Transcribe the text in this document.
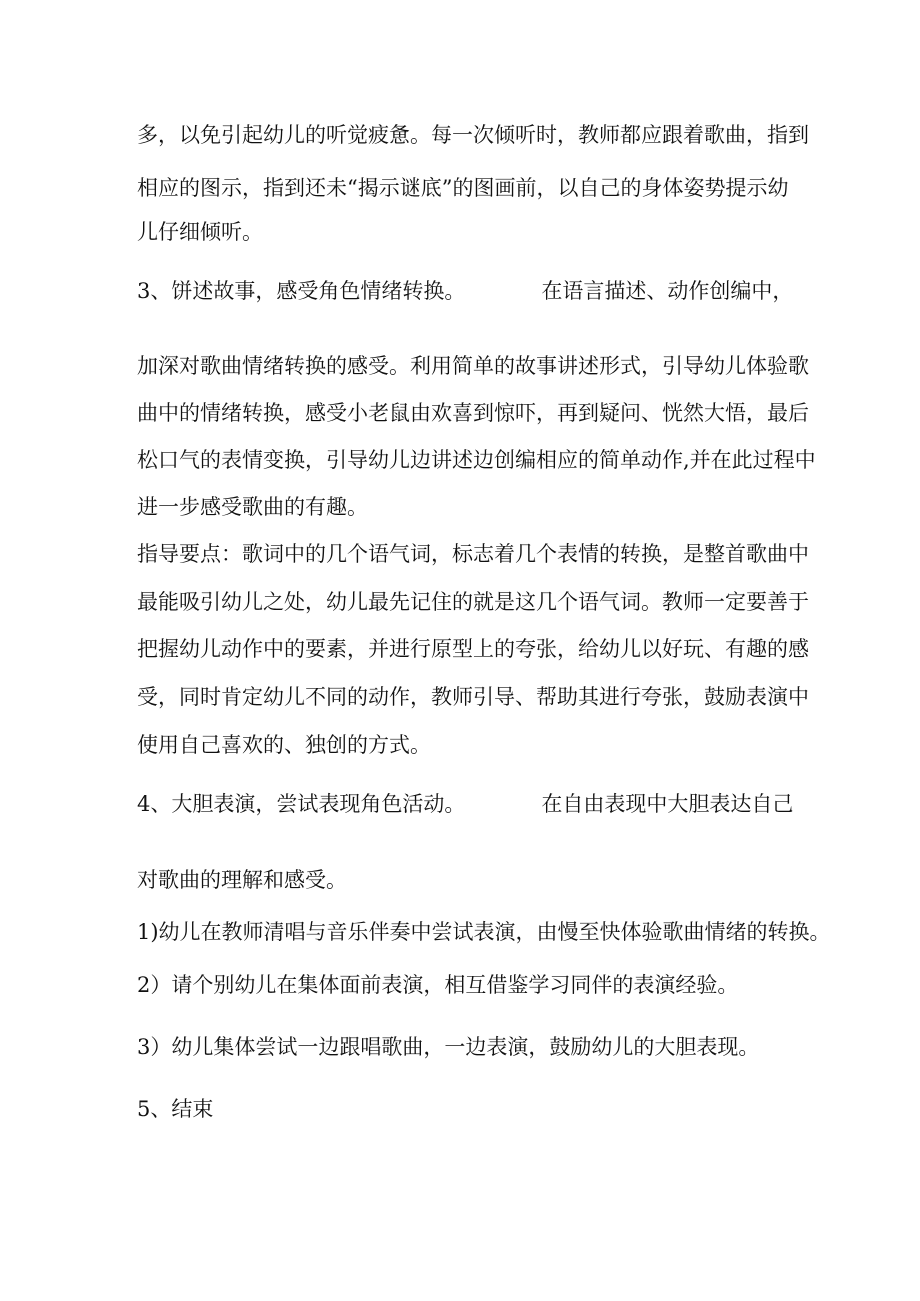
多，以免引起幼儿的听觉疲惫。每一次倾听时，教师都应跟着歌曲，指到
相应的图示，指到还未“揭示谜底”的图画前，以自己的身体姿势提示幼
儿仔细倾听。
3、饼述故事，感受角色情绪转换。	在语言描述、动作创编中，
加深对歌曲情绪转换的感受。利用简单的故事讲述形式，引导幼儿体验歌
曲中的情绪转换，感受小老鼠由欢喜到惊吓，再到疑问、恍然大悟，最后
松口气的表情变换，引导幼儿边讲述边创编相应的简单动作,并在此过程中
进一步感受歌曲的有趣。
指导要点：歌词中的几个语气词，标志着几个表情的转换，是整首歌曲中
最能吸引幼儿之处，幼儿最先记住的就是这几个语气词。教师一定要善于
把握幼儿动作中的要素，并进行原型上的夸张，给幼儿以好玩、有趣的感
受，同时肯定幼儿不同的动作，教师引导、帮助其进行夸张，鼓励表演中
使用自己喜欢的、独创的方式。
4、大胆表演，尝试表现角色活动。	在自由表现中大胆表达自己
对歌曲的理解和感受。
1)幼儿在教师清唱与音乐伴奏中尝试表演，由慢至快体验歌曲情绪的转换。
2）请个别幼儿在集体面前表演，相互借鉴学习同伴的表演经验。
3）幼儿集体尝试一边跟唱歌曲，一边表演，鼓励幼儿的大胆表现。
5、结束
